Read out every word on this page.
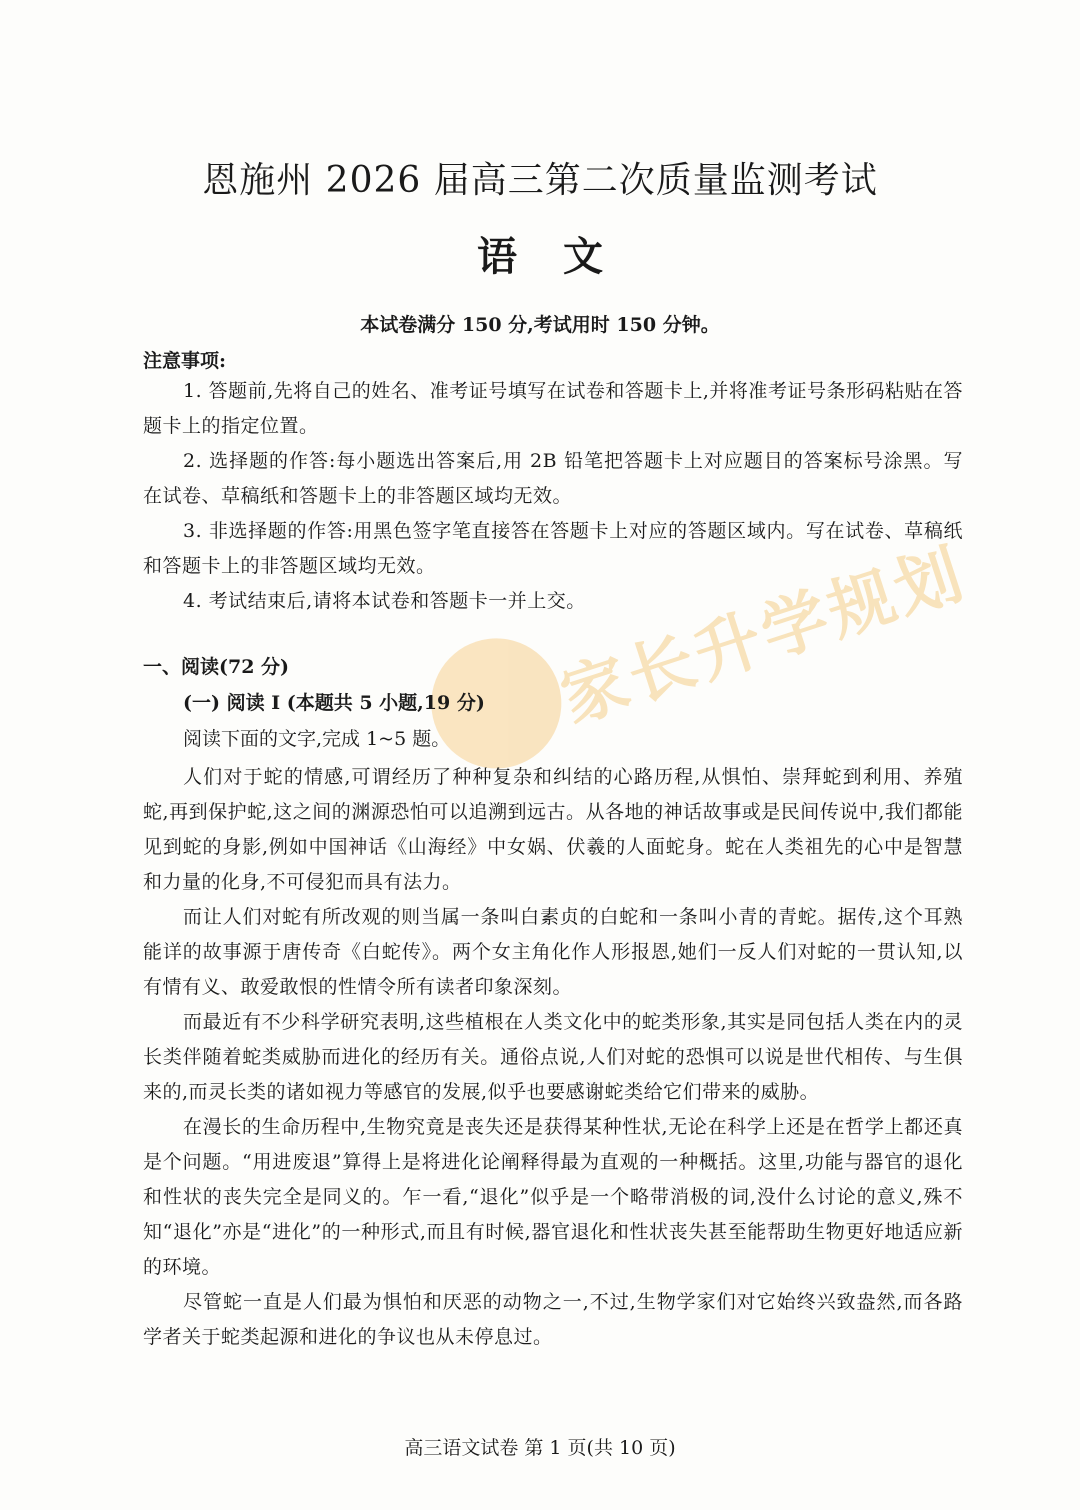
家长升学规划
恩施州 2026 届高三第二次质量监测考试
语文
本试卷满分 150 分,考试用时 150 分钟。
注意事项:

1. 答题前,先将自己的姓名、准考证号填写在试卷和答题卡上,并将准考证号条形码粘贴在答题卡上的指定位置。

2. 选择题的作答:每小题选出答案后,用 2B 铅笔把答题卡上对应题目的答案标号涂黑。写在试卷、草稿纸和答题卡上的非答题区域均无效。

3. 非选择题的作答:用黑色签字笔直接答在答题卡上对应的答题区域内。写在试卷、草稿纸和答题卡上的非答题区域均无效。

4. 考试结束后,请将本试卷和答题卡一并上交。

一、阅读(72 分)
(一) 阅读 Ⅰ (本题共 5 小题,19 分)
阅读下面的文字,完成 1~5 题。

人们对于蛇的情感,可谓经历了种种复杂和纠结的心路历程,从惧怕、崇拜蛇到利用、养殖蛇,再到保护蛇,这之间的渊源恐怕可以追溯到远古。从各地的神话故事或是民间传说中,我们都能见到蛇的身影,例如中国神话《山海经》中女娲、伏羲的人面蛇身。蛇在人类祖先的心中是智慧和力量的化身,不可侵犯而具有法力。

而让人们对蛇有所改观的则当属一条叫白素贞的白蛇和一条叫小青的青蛇。据传,这个耳熟能详的故事源于唐传奇《白蛇传》。两个女主角化作人形报恩,她们一反人们对蛇的一贯认知,以有情有义、敢爱敢恨的性情令所有读者印象深刻。

而最近有不少科学研究表明,这些植根在人类文化中的蛇类形象,其实是同包括人类在内的灵长类伴随着蛇类威胁而进化的经历有关。通俗点说,人们对蛇的恐惧可以说是世代相传、与生俱来的,而灵长类的诸如视力等感官的发展,似乎也要感谢蛇类给它们带来的威胁。

在漫长的生命历程中,生物究竟是丧失还是获得某种性状,无论在科学上还是在哲学上都还真是个问题。“用进废退”算得上是将进化论阐释得最为直观的一种概括。这里,功能与器官的退化和性状的丧失完全是同义的。乍一看,“退化”似乎是一个略带消极的词,没什么讨论的意义,殊不知“退化”亦是“进化”的一种形式,而且有时候,器官退化和性状丧失甚至能帮助生物更好地适应新的环境。

尽管蛇一直是人们最为惧怕和厌恶的动物之一,不过,生物学家们对它始终兴致盎然,而各路学者关于蛇类起源和进化的争议也从未停息过。

高三语文试卷 第 1 页(共 10 页)
